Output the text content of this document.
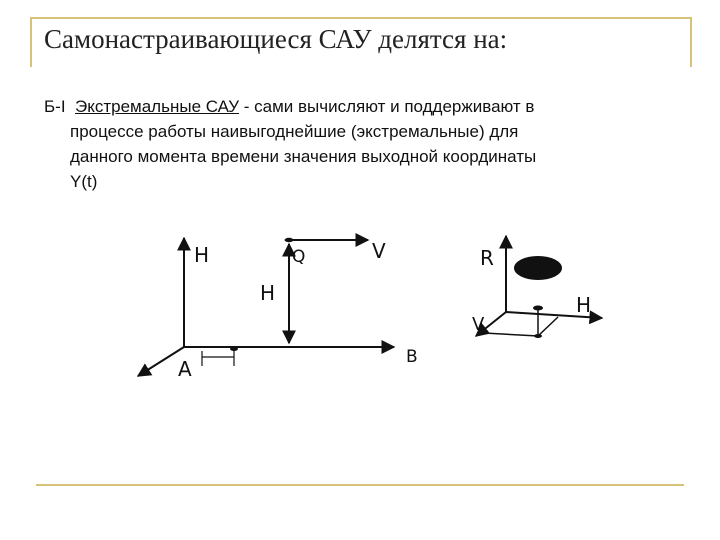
Самонастраивающиеся САУ делятся на:
Б-I Экстремальные САУ - сами вычисляют и поддерживают в
процессе работы наивыгоднейшие (экстремальные) для
данного момента времени значения выходной координаты
Y(t)
H
A
Q
H
V
B
R
V
H
